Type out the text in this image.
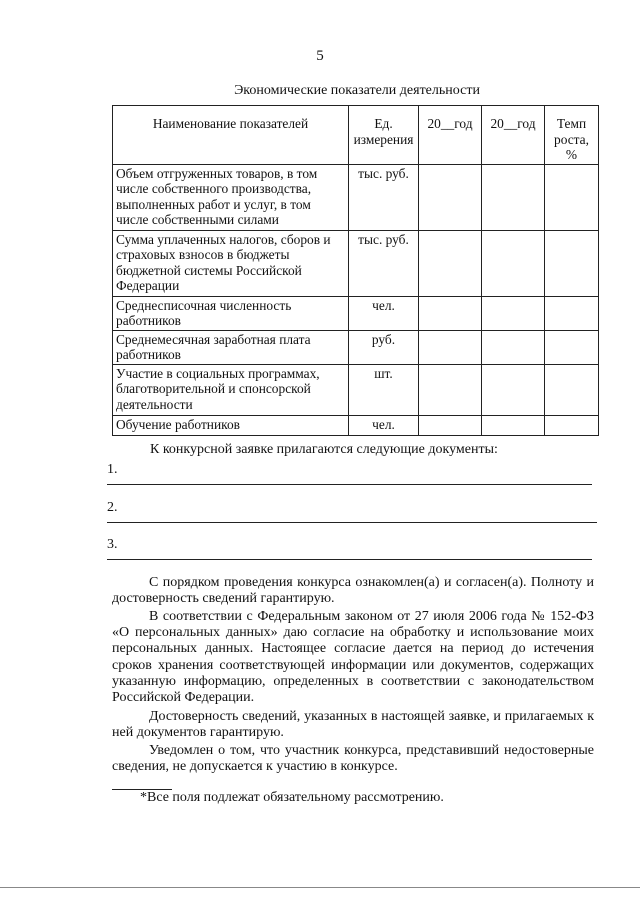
5
Экономические показатели деятельности
Наименование показателей	Ед. измерения	20__год	20__год	Темп роста, %
Объем отгруженных товаров, в том числе собственного производства, выполненных работ и услуг, в том числе собственными силами	тыс. руб.			
Сумма уплаченных налогов, сборов и страховых взносов в бюджеты бюджетной системы Российской Федерации	тыс. руб.			
Среднесписочная численность работников	чел.			
Среднемесячная заработная плата работников	руб.			
Участие в социальных программах, благотворительной и спонсорской деятельности	шт.			
Обучение работников	чел.			
К конкурсной заявке прилагаются следующие документы:
1.
2.
3.

С порядком проведения конкурса ознакомлен(а) и согласен(а). Полноту и достоверность сведений гарантирую.

В соответствии с Федеральным законом от 27 июля 2006 года № 152-ФЗ «О персональных данных» даю согласие на обработку и использование моих персональных данных. Настоящее согласие дается на период до истечения сроков хранения соответствующей информации или документов, содержащих указанную информацию, определенных в соответствии с законодательством Российской Федерации.

Достоверность сведений, указанных в настоящей заявке, и прилагаемых к ней документов гарантирую.

Уведомлен о том, что участник конкурса, представивший недостоверные сведения, не допускается к участию в конкурсе.

*Все поля подлежат обязательному рассмотрению.
